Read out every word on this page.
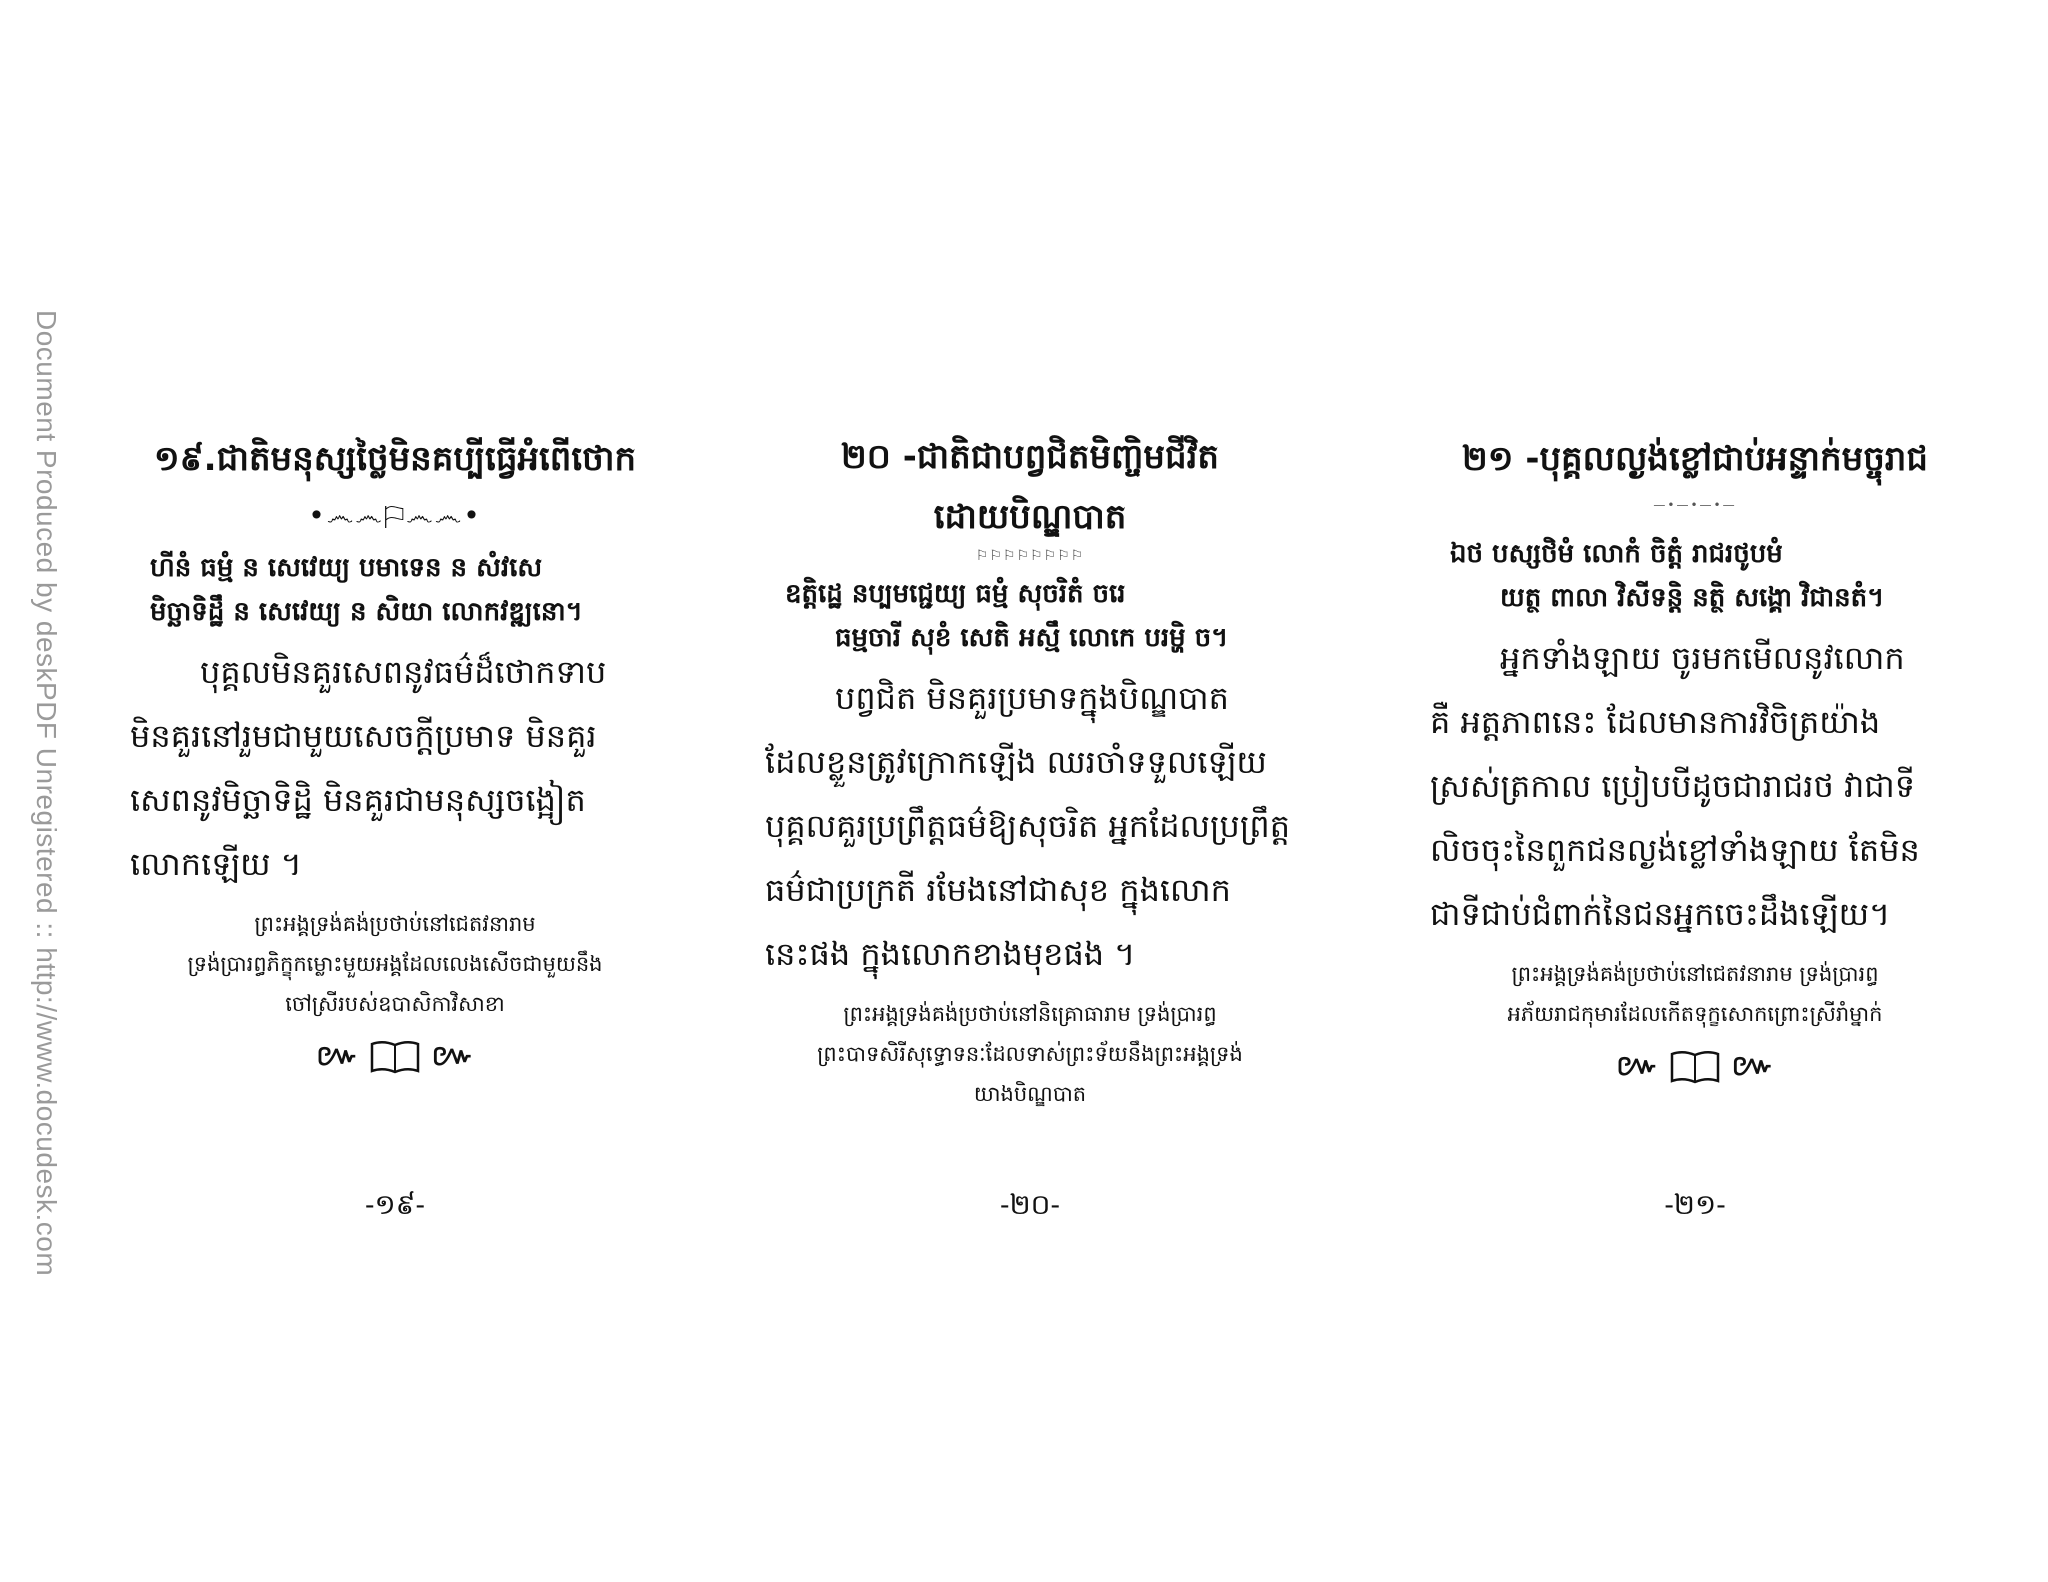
Document Produced by deskPDF Unregistered :: http://www.docudesk.com	១៩.ជាតិមនុស្សថ្លៃមិនគប្បីធ្វើអំពើថោក
•෴෴⚐෴෴•
ហីនំ ធម្មំ ន សេវេយ្យ បមាទេន ន សំវសេ
មិច្ឆាទិដ្ឋឹ ន សេវេយ្យ ន សិយា លោកវឌ្ឍនោ។
បុគ្គលមិនគួរសេពនូវធម៌ដ៏ថោកទាប
មិនគួរនៅរួមជាមួយសេចក្តីប្រមាទ មិនគួរ
សេពនូវមិច្ឆាទិដ្ឋិ មិនគួរជាមនុស្សចង្អៀត
លោកឡើយ ។
ព្រះអង្គទ្រង់គង់ប្រថាប់នៅជេតវនារាម
ទ្រង់ប្រារព្ធភិក្ខុកម្លោះមួយអង្គដែលលេងសើចជាមួយនឹង
ចៅស្រីរបស់ឧបាសិកាវិសាខា
៚ ៚
-១៩-
២០ -ជាតិជាបព្វជិតមិញ្ចិមជីវិត
ដោយបិណ្ឌបាត
⚐⚐⚐⚐⚐⚐⚐⚐
ឧត្តិដ្ឋេ នប្បមជ្ជេយ្យ ធម្មំ សុចរិតំ ចរេ
ធម្មចារី សុខំ សេតិ អស្មឹ លោកេ បរម្ហិ ច។
បព្វជិត មិនគួរប្រមាទក្នុងបិណ្ឌបាត
ដែលខ្លួនត្រូវក្រោកឡើង ឈរចាំទទួលឡើយ
បុគ្គលគួរប្រព្រឹត្តធម៌ឱ្យសុចរិត អ្នកដែលប្រព្រឹត្ត
ធម៌ជាប្រក្រតី រមែងនៅជាសុខ ក្នុងលោក
នេះផង ក្នុងលោកខាងមុខផង ។
ព្រះអង្គទ្រង់គង់ប្រថាប់នៅនិគ្រោធារាម ទ្រង់ប្រារព្ធ
ព្រះបាទសិរីសុទ្ធោទនៈដែលទាស់ព្រះទ័យនឹងព្រះអង្គទ្រង់
យាងបិណ្ឌបាត
-២០-
២១ -បុគ្គលល្ងង់ខ្លៅជាប់អន្ទាក់មច្ចុរាជ
—•—•—•—
ឯថ បស្សថិមំ លោកំ ចិត្តំ រាជរថូបមំ
យត្ថ ពាលា វិសីទន្តិ នត្ថិ សង្គោ វិជានតំ។
អ្នកទាំងឡាយ ចូរមកមើលនូវលោក
គឺ អត្តភាពនេះ ដែលមានការវិចិត្រយ៉ាង
ស្រស់ត្រកាល ប្រៀបបីដូចជារាជរថ វាជាទី
លិចចុះនៃពួកជនល្ងង់ខ្លៅទាំងឡាយ តែមិន
ជាទីជាប់ជំពាក់នៃជនអ្នកចេះដឹងឡើយ។
ព្រះអង្គទ្រង់គង់ប្រថាប់នៅជេតវនារាម ទ្រង់ប្រារព្ធ
អភ័យរាជកុមារដែលកើតទុក្ខសោកព្រោះស្រីរាំម្នាក់
៚ ៚
-២១-
